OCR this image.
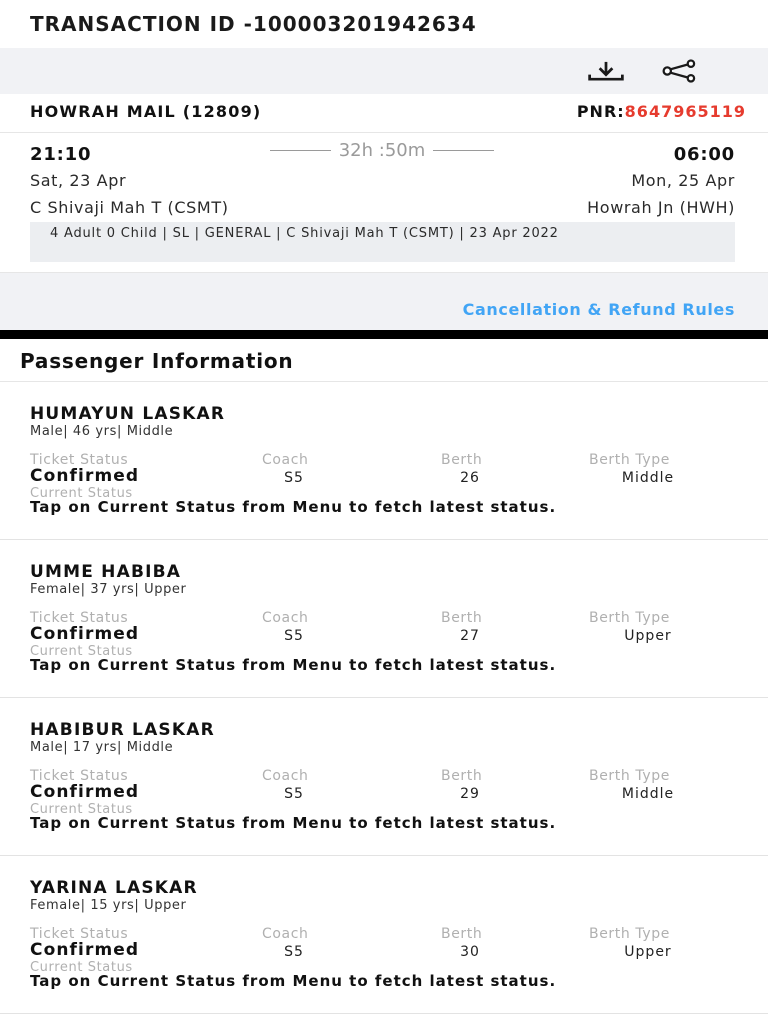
TRANSACTION ID -100003201942634
HOWRAH MAIL (12809)	PNR:8647965119
21:10	32h :50m	06:00
Sat, 23 Apr	Mon, 25 Apr
C Shivaji Mah T (CSMT)	Howrah Jn (HWH)
4 Adult 0 Child | SL | GENERAL | C Shivaji Mah T (CSMT) | 23 Apr 2022
Cancellation & Refund Rules
Passenger Information
HUMAYUN LASKAR
Male| 46 yrs| Middle
Ticket Status	Coach	Berth	Berth Type
Confirmed	S5	26	Middle
Current Status
Tap on Current Status from Menu to fetch latest status.
UMME HABIBA
Female| 37 yrs| Upper
Ticket Status	Coach	Berth	Berth Type
Confirmed	S5	27	Upper
Current Status
Tap on Current Status from Menu to fetch latest status.
HABIBUR LASKAR
Male| 17 yrs| Middle
Ticket Status	Coach	Berth	Berth Type
Confirmed	S5	29	Middle
Current Status
Tap on Current Status from Menu to fetch latest status.
YARINA LASKAR
Female| 15 yrs| Upper
Ticket Status	Coach	Berth	Berth Type
Confirmed	S5	30	Upper
Current Status
Tap on Current Status from Menu to fetch latest status.
